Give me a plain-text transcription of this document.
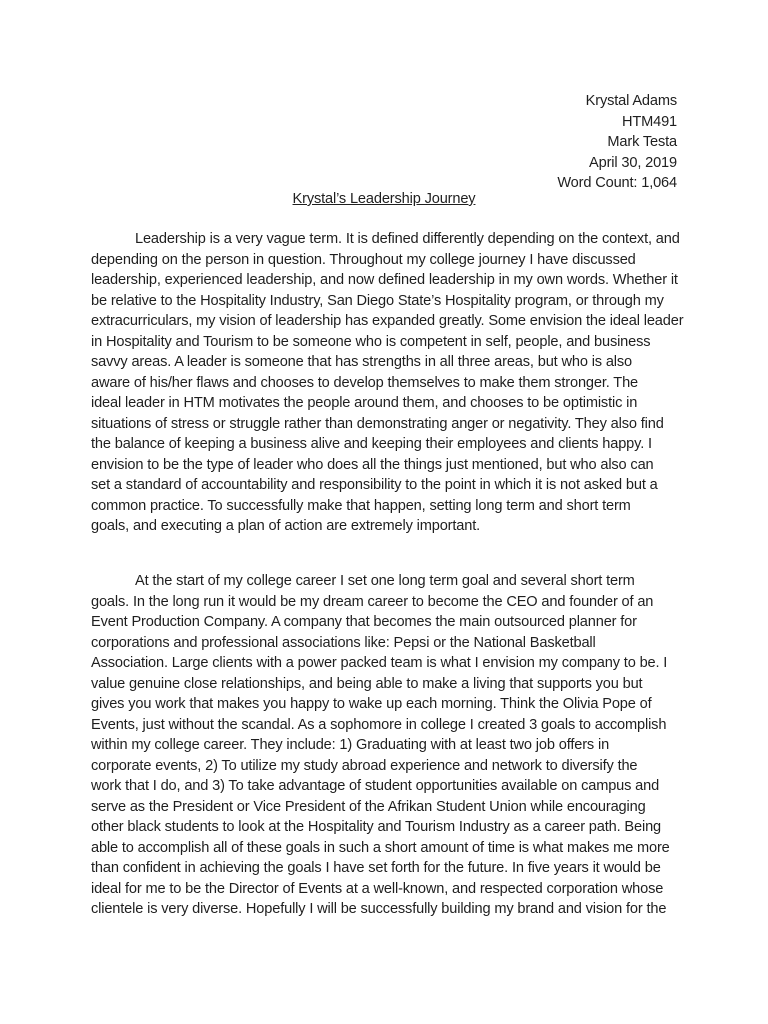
Krystal Adams
HTM491
Mark Testa
April 30, 2019
Word Count: 1,064
Krystal’s Leadership Journey
Leadership is a very vague term. It is defined differently depending on the context, and
depending on the person in question. Throughout my college journey I have discussed
leadership, experienced leadership, and now defined leadership in my own words. Whether it
be relative to the Hospitality Industry, San Diego State’s Hospitality program, or through my
extracurriculars, my vision of leadership has expanded greatly. Some envision the ideal leader
in Hospitality and Tourism to be someone who is competent in self, people, and business
savvy areas. A leader is someone that has strengths in all three areas, but who is also
aware of his/her flaws and chooses to develop themselves to make them stronger. The
ideal leader in HTM motivates the people around them, and chooses to be optimistic in
situations of stress or struggle rather than demonstrating anger or negativity. They also find
the balance of keeping a business alive and keeping their employees and clients happy. I
envision to be the type of leader who does all the things just mentioned, but who also can
set a standard of accountability and responsibility to the point in which it is not asked but a
common practice. To successfully make that happen, setting long term and short term
goals, and executing a plan of action are extremely important.
At the start of my college career I set one long term goal and several short term
goals. In the long run it would be my dream career to become the CEO and founder of an
Event Production Company. A company that becomes the main outsourced planner for
corporations and professional associations like: Pepsi or the National Basketball
Association. Large clients with a power packed team is what I envision my company to be. I
value genuine close relationships, and being able to make a living that supports you but
gives you work that makes you happy to wake up each morning. Think the Olivia Pope of
Events, just without the scandal. As a sophomore in college I created 3 goals to accomplish
within my college career. They include: 1) Graduating with at least two job offers in
corporate events, 2) To utilize my study abroad experience and network to diversify the
work that I do, and 3) To take advantage of student opportunities available on campus and
serve as the President or Vice President of the Afrikan Student Union while encouraging
other black students to look at the Hospitality and Tourism Industry as a career path. Being
able to accomplish all of these goals in such a short amount of time is what makes me more
than confident in achieving the goals I have set forth for the future. In five years it would be
ideal for me to be the Director of Events at a well-known, and respected corporation whose
clientele is very diverse. Hopefully I will be successfully building my brand and vision for the
